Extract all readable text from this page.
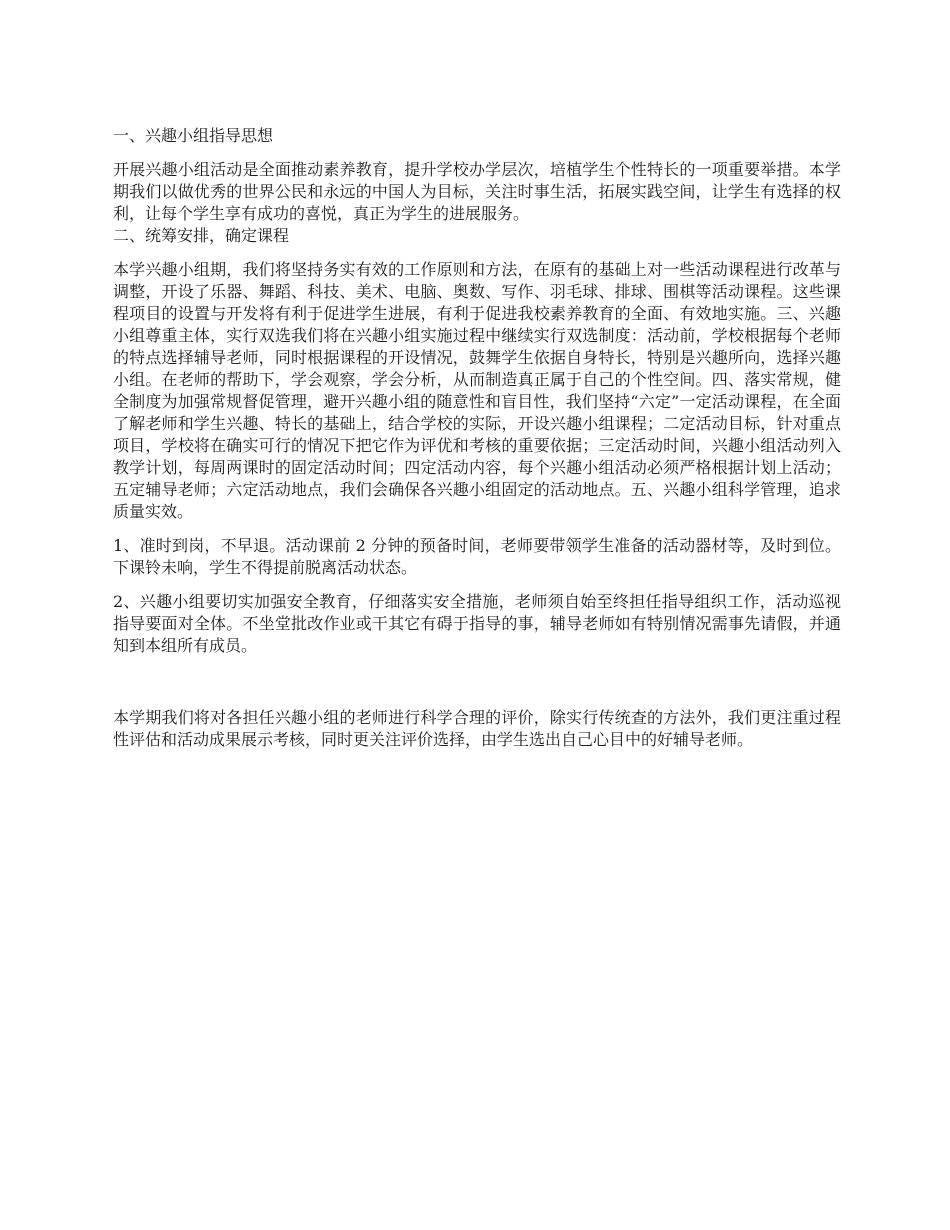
一、兴趣小组指导思想

开展兴趣小组活动是全面推动素养教育，提升学校办学层次，培植学生个性特长的一项重要举措。本学期我们以做优秀的世界公民和永远的中国人为目标，关注时事生活，拓展实践空间，让学生有选择的权利，让每个学生享有成功的喜悦，真正为学生的进展服务。

二、统筹安排，确定课程

本学兴趣小组期，我们将坚持务实有效的工作原则和方法，在原有的基础上对一些活动课程进行改革与调整，开设了乐器、舞蹈、科技、美术、电脑、奥数、写作、羽毛球、排球、围棋等活动课程。这些课程项目的设置与开发将有利于促进学生进展，有利于促进我校素养教育的全面、有效地实施。三、兴趣小组尊重主体，实行双选我们将在兴趣小组实施过程中继续实行双选制度：活动前，学校根据每个老师的特点选择辅导老师，同时根据课程的开设情况，鼓舞学生依据自身特长，特别是兴趣所向，选择兴趣小组。在老师的帮助下，学会观察，学会分析，从而制造真正属于自己的个性空间。四、落实常规，健全制度为加强常规督促管理，避开兴趣小组的随意性和盲目性，我们坚持“六定”一定活动课程，在全面了解老师和学生兴趣、特长的基础上，结合学校的实际，开设兴趣小组课程；二定活动目标，针对重点项目，学校将在确实可行的情况下把它作为评优和考核的重要依据；三定活动时间，兴趣小组活动列入教学计划，每周两课时的固定活动时间；四定活动内容，每个兴趣小组活动必须严格根据计划上活动；五定辅导老师；六定活动地点，我们会确保各兴趣小组固定的活动地点。五、兴趣小组科学管理，追求质量实效。

1、准时到岗，不早退。活动课前 2 分钟的预备时间，老师要带领学生准备的活动器材等，及时到位。下课铃未响，学生不得提前脱离活动状态。

2、兴趣小组要切实加强安全教育，仔细落实安全措施，老师须自始至终担任指导组织工作，活动巡视指导要面对全体。不坐堂批改作业或干其它有碍于指导的事，辅导老师如有特别情况需事先请假，并通知到本组所有成员。

本学期我们将对各担任兴趣小组的老师进行科学合理的评价，除实行传统查的方法外，我们更注重过程性评估和活动成果展示考核，同时更关注评价选择，由学生选出自己心目中的好辅导老师。
